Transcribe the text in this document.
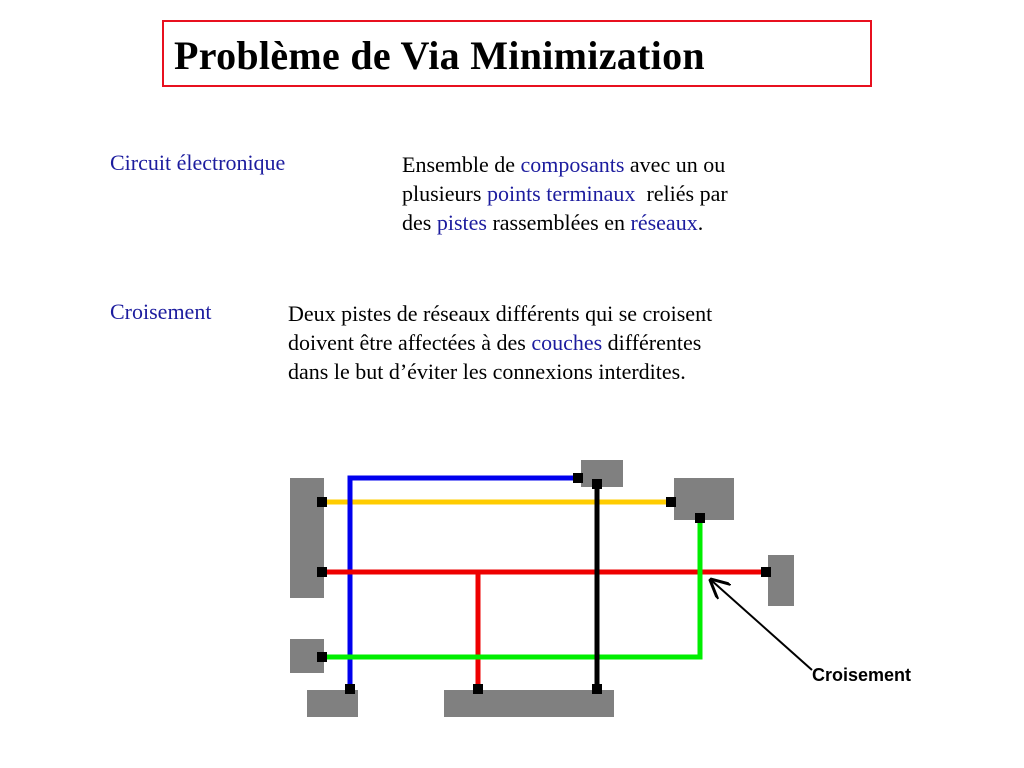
Problème de Via Minimization
Circuit électronique	Ensemble de composants avec un ou
plusieurs points terminaux  reliés par
des pistes rassemblées en réseaux.
Croisement	Deux pistes de réseaux différents qui se croisent
doivent être affectées à des couches différentes
dans le but d’éviter les connexions interdites.
Croisement
